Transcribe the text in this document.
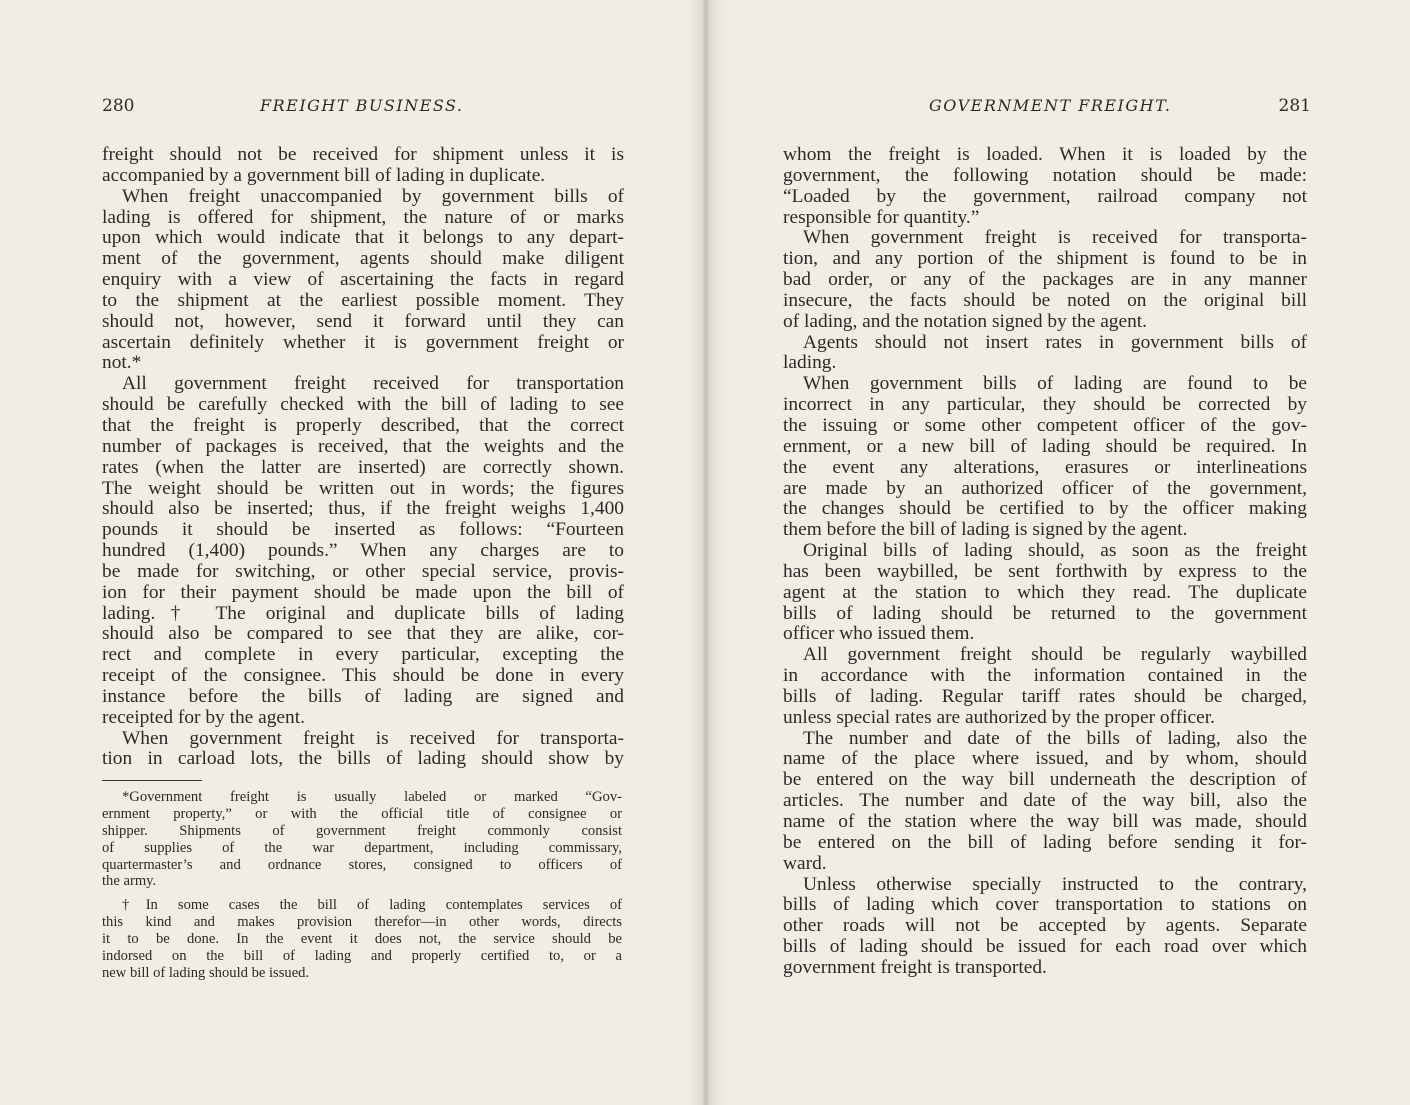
280	FREIGHT BUSINESS.
freight should not be received for shipment unless it is
accompanied by a government bill of lading in duplicate.
When freight unaccompanied by government bills of
lading is offered for shipment, the nature of or marks
upon which would indicate that it belongs to any depart-
ment of the government, agents should make diligent
enquiry with a view of ascertaining the facts in regard
to the shipment at the earliest possible moment. They
should not, however, send it forward until they can
ascertain definitely whether it is government freight or
not.*
All government freight received for transportation
should be carefully checked with the bill of lading to see
that the freight is properly described, that the correct
number of packages is received, that the weights and the
rates (when the latter are inserted) are correctly shown.
The weight should be written out in words; the figures
should also be inserted; thus, if the freight weighs 1,400
pounds it should be inserted as follows: “Fourteen
hundred (1,400) pounds.” When any charges are to
be made for switching, or other special service, provis-
ion for their payment should be made upon the bill of
lading.† The original and duplicate bills of lading
should also be compared to see that they are alike, cor-
rect and complete in every particular, excepting the
receipt of the consignee. This should be done in every
instance before the bills of lading are signed and
receipted for by the agent.
When government freight is received for transporta-
tion in carload lots, the bills of lading should show by
*Government freight is usually labeled or marked “Gov-
ernment property,” or with the official title of consignee or
shipper. Shipments of government freight commonly consist
of supplies of the war department, including commissary,
quartermaster’s and ordnance stores, consigned to officers of
the army.
†In some cases the bill of lading contemplates services of
this kind and makes provision therefor—in other words, directs
it to be done. In the event it does not, the service should be
indorsed on the bill of lading and properly certified to, or a
new bill of lading should be issued.
GOVERNMENT FREIGHT.	281
whom the freight is loaded. When it is loaded by the
government, the following notation should be made:
“Loaded by the government, railroad company not
responsible for quantity.”
When government freight is received for transporta-
tion, and any portion of the shipment is found to be in
bad order, or any of the packages are in any manner
insecure, the facts should be noted on the original bill
of lading, and the notation signed by the agent.
Agents should not insert rates in government bills of
lading.
When government bills of lading are found to be
incorrect in any particular, they should be corrected by
the issuing or some other competent officer of the gov-
ernment, or a new bill of lading should be required. In
the event any alterations, erasures or interlineations
are made by an authorized officer of the government,
the changes should be certified to by the officer making
them before the bill of lading is signed by the agent.
Original bills of lading should, as soon as the freight
has been waybilled, be sent forthwith by express to the
agent at the station to which they read. The duplicate
bills of lading should be returned to the government
officer who issued them.
All government freight should be regularly waybilled
in accordance with the information contained in the
bills of lading. Regular tariff rates should be charged,
unless special rates are authorized by the proper officer.
The number and date of the bills of lading, also the
name of the place where issued, and by whom, should
be entered on the way bill underneath the description of
articles. The number and date of the way bill, also the
name of the station where the way bill was made, should
be entered on the bill of lading before sending it for-
ward.
Unless otherwise specially instructed to the contrary,
bills of lading which cover transportation to stations on
other roads will not be accepted by agents. Separate
bills of lading should be issued for each road over which
government freight is transported.
